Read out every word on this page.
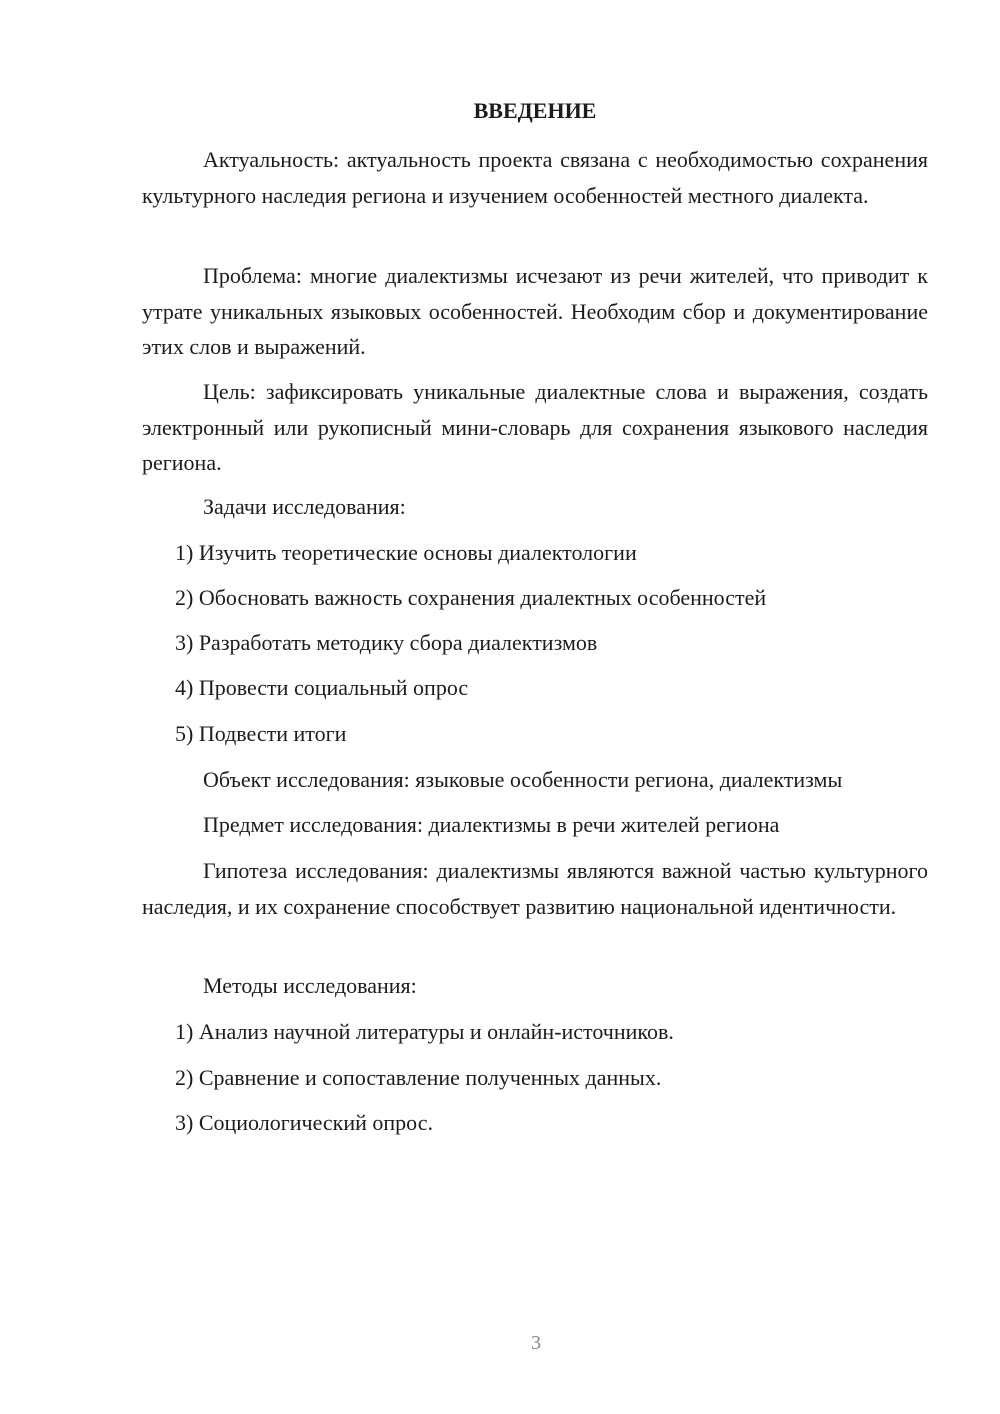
ВВЕДЕНИЕ

Актуальность: актуальность проекта связана с необходимостью сохранения культурного наследия региона и изучением особенностей местного диалекта.

Проблема: многие диалектизмы исчезают из речи жителей, что приводит к утрате уникальных языковых особенностей. Необходим сбор и документирование этих слов и выражений.

Цель: зафиксировать уникальные диалектные слова и выражения, создать электронный или рукописный мини-словарь для сохранения языкового наследия региона.

Задачи исследования:
1) Изучить теоретические основы диалектологии
2) Обосновать важность сохранения диалектных особенностей
3) Разработать методику сбора диалектизмов
4) Провести социальный опрос
5) Подвести итоги
Объект исследования: языковые особенности региона, диалектизмы
Предмет исследования: диалектизмы в речи жителей региона

Гипотеза исследования: диалектизмы являются важной частью культурного наследия, и их сохранение способствует развитию национальной идентичности.

Методы исследования:
1) Анализ научной литературы и онлайн-источников.
2) Сравнение и сопоставление полученных данных.
3) Социологический опрос.
3
